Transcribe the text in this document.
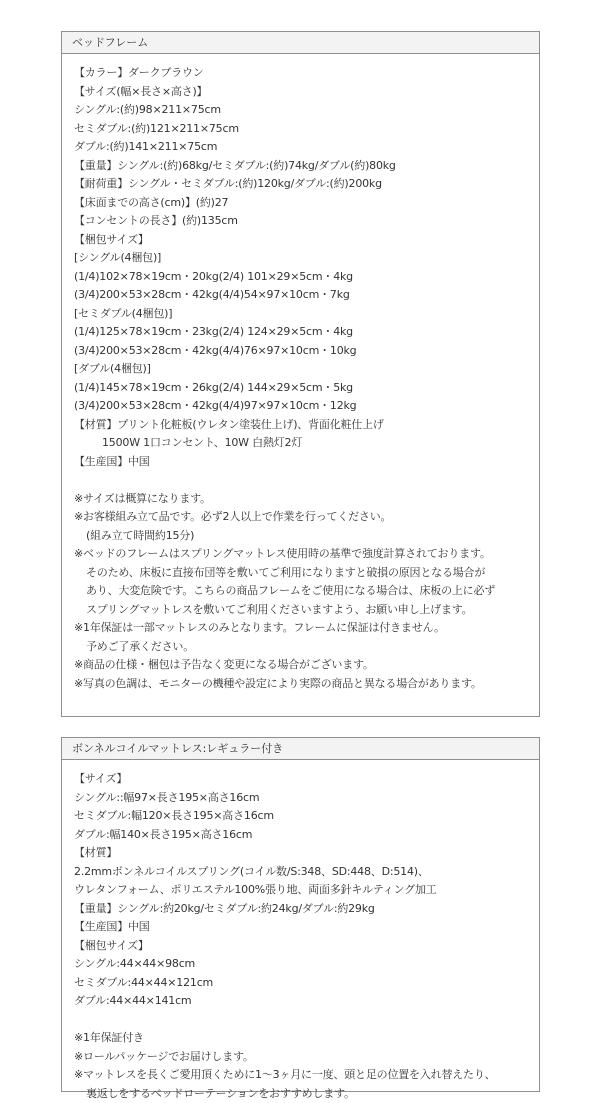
ベッドフレーム
【カラー】ダークブラウン
【サイズ(幅×長さ×高さ)】
シングル:(約)98×211×75cm
セミダブル:(約)121×211×75cm
ダブル:(約)141×211×75cm
【重量】シングル:(約)68kg/セミダブル:(約)74kg/ダブル(約)80kg
【耐荷重】シングル・セミダブル:(約)120kg/ダブル:(約)200kg
【床面までの高さ(cm)】(約)27
【コンセントの長さ】(約)135cm
【梱包サイズ】
[シングル(4梱包)]
(1/4)102×78×19cm・20kg(2/4) 101×29×5cm・4kg
(3/4)200×53×28cm・42kg(4/4)54×97×10cm・7kg
[セミダブル(4梱包)]
(1/4)125×78×19cm・23kg(2/4) 124×29×5cm・4kg
(3/4)200×53×28cm・42kg(4/4)76×97×10cm・10kg
[ダブル(4梱包)]
(1/4)145×78×19cm・26kg(2/4) 144×29×5cm・5kg
(3/4)200×53×28cm・42kg(4/4)97×97×10cm・12kg
【材質】プリント化粧板(ウレタン塗装仕上げ)、背面化粧仕上げ
1500W 1口コンセント、10W 白熱灯2灯
【生産国】中国
※サイズは概算になります。
※お客様組み立て品です。必ず2人以上で作業を行ってください。
(組み立て時間約15分)
※ベッドのフレームはスプリングマットレス使用時の基準で強度計算されております。
そのため、床板に直接布団等を敷いてご利用になりますと破損の原因となる場合が
あり、大変危険です。こちらの商品フレームをご使用になる場合は、床板の上に必ず
スプリングマットレスを敷いてご利用くださいますよう、お願い申し上げます。
※1年保証は一部マットレスのみとなります。フレームに保証は付きません。
予めご了承ください。
※商品の仕様・梱包は予告なく変更になる場合がございます。
※写真の色調は、モニターの機種や設定により実際の商品と異なる場合があります。
ボンネルコイルマットレス:レギュラー付き
【サイズ】
シングル::幅97×長さ195×高さ16cm
セミダブル:幅120×長さ195×高さ16cm
ダブル:幅140×長さ195×高さ16cm
【材質】
2.2mmボンネルコイルスプリング(コイル数/S:348、SD:448、D:514)、
ウレタンフォーム、ポリエステル100%張り地、両面多針キルティング加工
【重量】シングル:約20kg/セミダブル:約24kg/ダブル:約29kg
【生産国】中国
【梱包サイズ】
シングル:44×44×98cm
セミダブル:44×44×121cm
ダブル:44×44×141cm
※1年保証付き
※ロールパッケージでお届けします。
※マットレスを長くご愛用頂くために1～3ヶ月に一度、頭と足の位置を入れ替えたり、
裏返しをするベッドローテーションをおすすめします。
